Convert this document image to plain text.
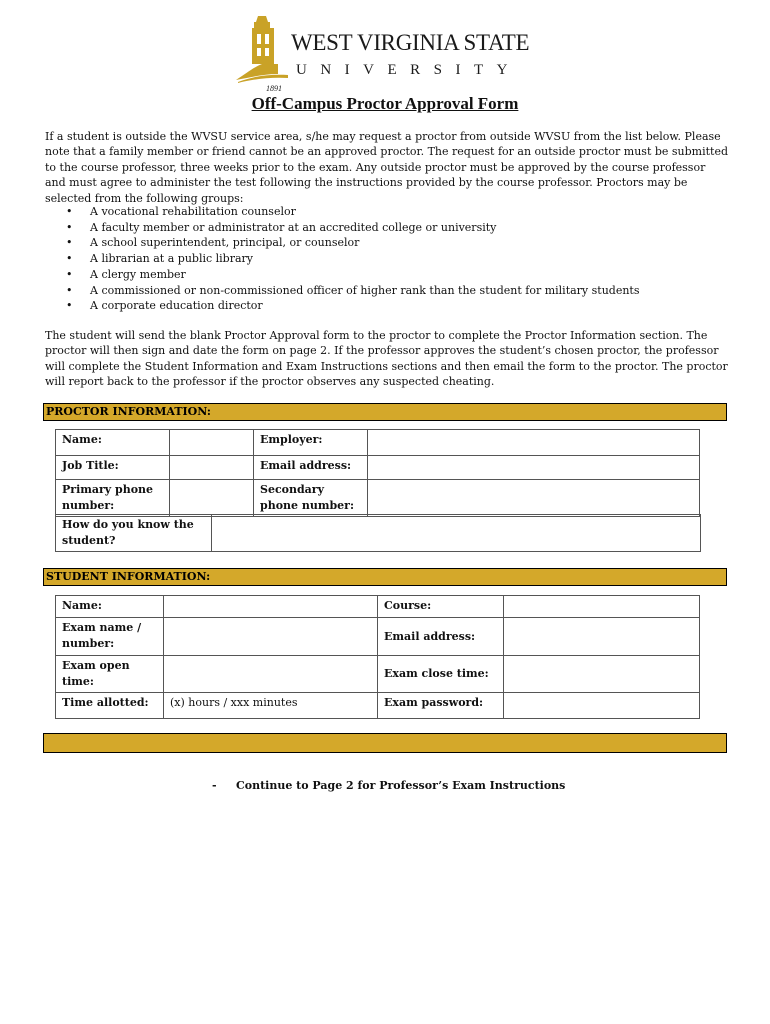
WEST VIRGINIA STATE
UNIVERSITY
1891
Off-Campus Proctor Approval Form

If a student is outside the WVSU service area, s/he may request a proctor from outside WVSU from the list below. Please note that a family member or friend cannot be an approved proctor. The request for an outside proctor must be submitted to the course professor, three weeks prior to the exam. Any outside proctor must be approved by the course professor and must agree to administer the test following the instructions provided by the course professor. Proctors may be selected from the following groups:

• A vocational rehabilitation counselor
• A faculty member or administrator at an accredited college or university
• A school superintendent, principal, or counselor
• A librarian at a public library
• A clergy member
• A commissioned or non-commissioned officer of higher rank than the student for military students
• A corporate education director

The student will send the blank Proctor Approval form to the proctor to complete the Proctor Information section. The proctor will then sign and date the form on page 2. If the professor approves the student’s chosen proctor, the professor will complete the Student Information and Exam Instructions sections and then email the form to the proctor. The proctor will report back to the professor if the proctor observes any suspected cheating.

PROCTOR INFORMATION:
Name:		Employer:	
Job Title:		Email address:	
Primary phone number:		Secondary phone number:	
How do you know the student?	
STUDENT INFORMATION:
Name:		Course:	
Exam name / number:		Email address:	
Exam open time:		Exam close time:	
Time allotted:	(x) hours / xxx minutes	Exam password:	
- Continue to Page 2 for Professor’s Exam Instructions
